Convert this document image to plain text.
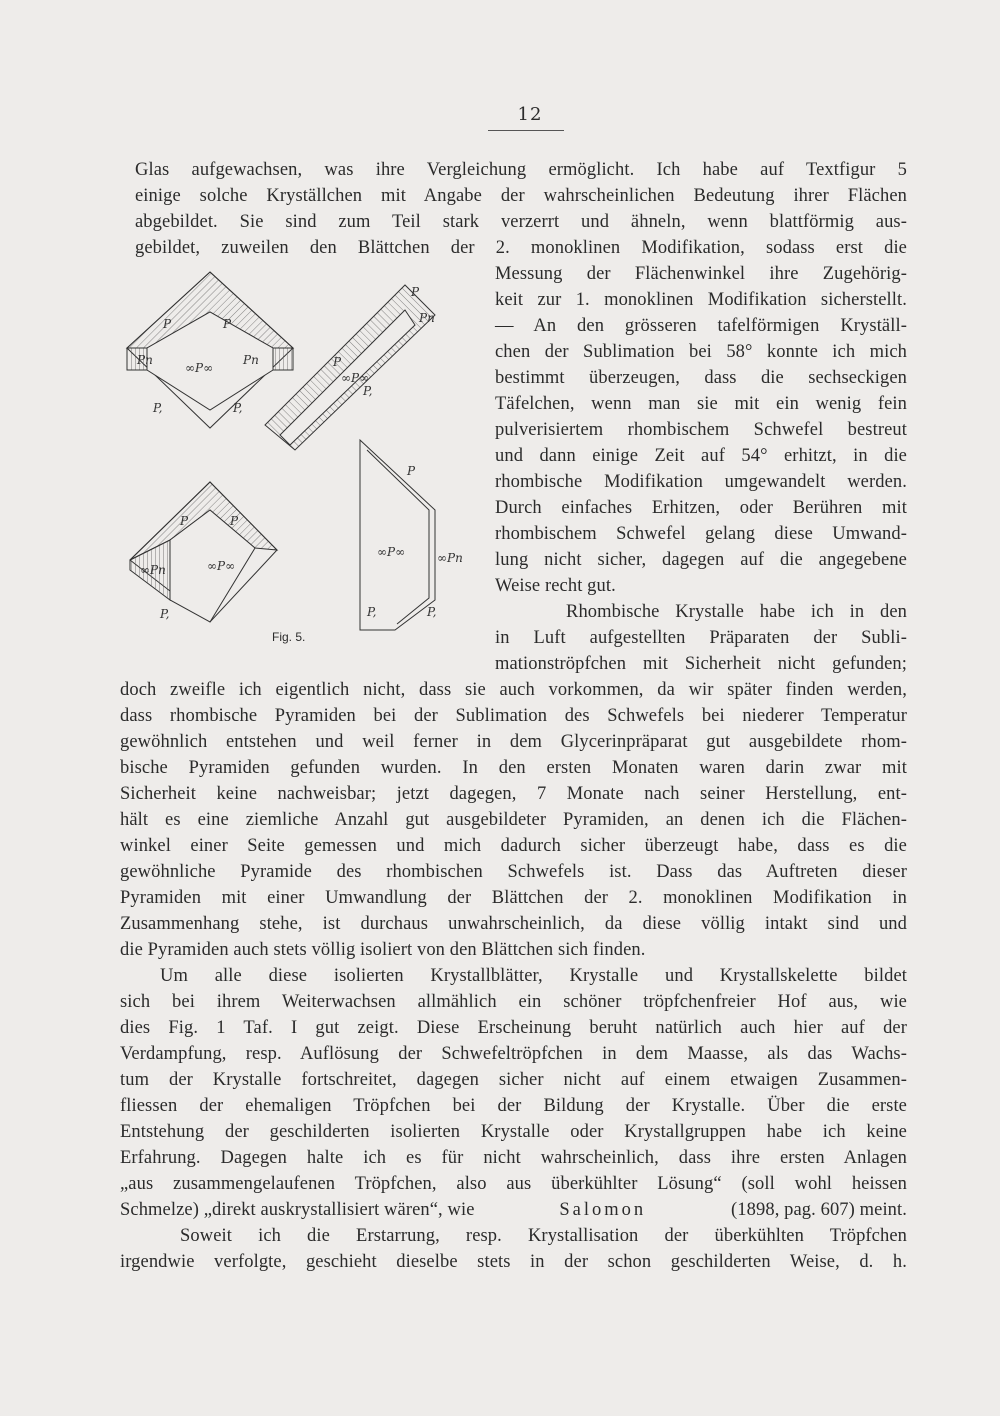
12
Glas aufgewachsen, was ihre Vergleichung ermöglicht. Ich habe auf Textfigur 5
einige solche Kryställchen mit Angabe der wahrscheinlichen Bedeutung ihrer Flächen
abgebildet. Sie sind zum Teil stark verzerrt und ähneln, wenn blattförmig aus-
gebildet, zuweilen den Blättchen der 2. monoklinen Modifikation, sodass erst die
Messung der Flächenwinkel ihre Zugehörig-
keit zur 1. monoklinen Modifikation sicherstellt.
— An den grösseren tafelförmigen Kryställ-
chen der Sublimation bei 58° konnte ich mich
bestimmt überzeugen, dass die sechseckigen
Täfelchen, wenn man sie mit ein wenig fein
pulverisiertem rhombischem Schwefel bestreut
und dann einige Zeit auf 54° erhitzt, in die
rhombische Modifikation umgewandelt werden.
Durch einfaches Erhitzen, oder Berühren mit
rhombischem Schwefel gelang diese Umwand-
lung nicht sicher, dagegen auf die angegebene
Weise recht gut.
Rhombische Krystalle habe ich in den
in Luft aufgestellten Präparaten der Subli-
mationströpfchen mit Sicherheit nicht gefunden;
P	P
Pn	Pn
∞P∞
P,	P,
P
Pn
P
∞P∞
P,
P
∞P∞	∞Pn
P,	P,
P	P
∞Pn	∞P∞
P,
Fig. 5.
doch zweifle ich eigentlich nicht, dass sie auch vorkommen, da wir später finden werden,
dass rhombische Pyramiden bei der Sublimation des Schwefels bei niederer Temperatur
gewöhnlich entstehen und weil ferner in dem Glycerinpräparat gut ausgebildete rhom-
bische Pyramiden gefunden wurden. In den ersten Monaten waren darin zwar mit
Sicherheit keine nachweisbar; jetzt dagegen, 7 Monate nach seiner Herstellung, ent-
hält es eine ziemliche Anzahl gut ausgebildeter Pyramiden, an denen ich die Flächen-
winkel einer Seite gemessen und mich dadurch sicher überzeugt habe, dass es die
gewöhnliche Pyramide des rhombischen Schwefels ist. Dass das Auftreten dieser
Pyramiden mit einer Umwandlung der Blättchen der 2. monoklinen Modifikation in
Zusammenhang stehe, ist durchaus unwahrscheinlich, da diese völlig intakt sind und
die Pyramiden auch stets völlig isoliert von den Blättchen sich finden.
Um alle diese isolierten Krystallblätter, Krystalle und Krystallskelette bildet
sich bei ihrem Weiterwachsen allmählich ein schöner tröpfchenfreier Hof aus, wie
dies Fig. 1 Taf. I gut zeigt. Diese Erscheinung beruht natürlich auch hier auf der
Verdampfung, resp. Auflösung der Schwefeltröpfchen in dem Maasse, als das Wachs-
tum der Krystalle fortschreitet, dagegen sicher nicht auf einem etwaigen Zusammen-
fliessen der ehemaligen Tröpfchen bei der Bildung der Krystalle. Über die erste
Entstehung der geschilderten isolierten Krystalle oder Krystallgruppen habe ich keine
Erfahrung. Dagegen halte ich es für nicht wahrscheinlich, dass ihre ersten Anlagen
„aus zusammengelaufenen Tröpfchen, also aus überkühlter Lösung“ (soll wohl heissen
Schmelze) „direkt auskrystallisiert wären“, wie	Salomon	(1898, pag. 607) meint.
Soweit ich die Erstarrung, resp. Krystallisation der überkühlten Tröpfchen
irgendwie verfolgte, geschieht dieselbe stets in der schon geschilderten Weise, d. h.
